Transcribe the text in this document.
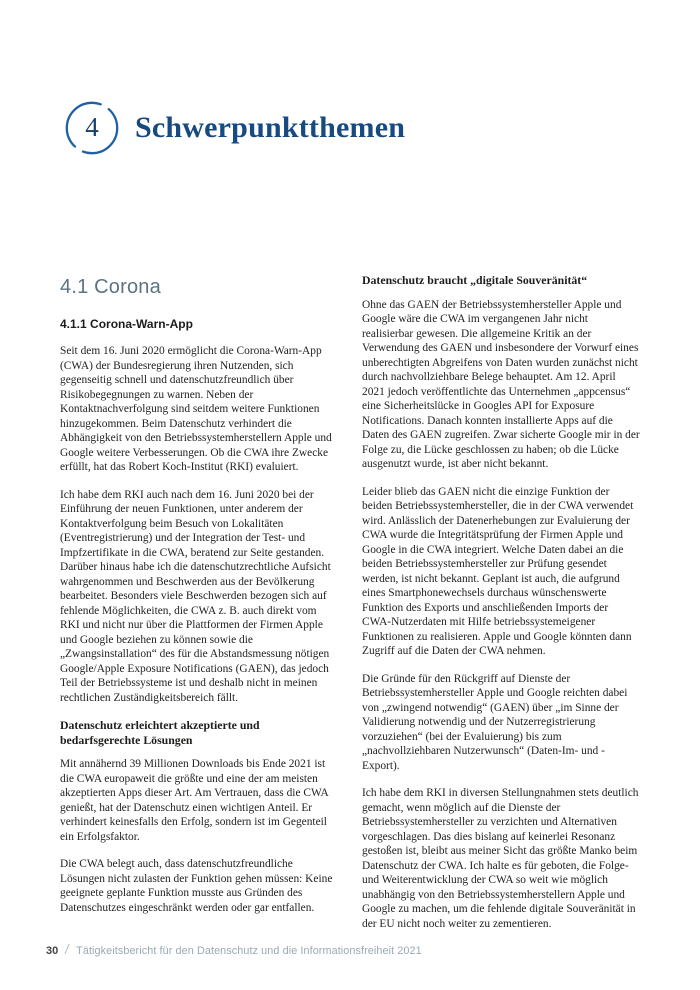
4	Schwerpunktthemen
4.1 Corona
4.1.1 Corona-Warn-App

Seit dem 16. Juni 2020 ermöglicht die Corona-Warn-App (CWA) der Bundesregierung ihren Nutzenden, sich gegenseitig schnell und datenschutzfreundlich über Risikobegegnungen zu warnen. Neben der Kontaktnachverfolgung sind seitdem weitere Funktionen hinzugekommen. Beim Datenschutz verhindert die Abhängigkeit von den Betriebssystemherstellern Apple und Google weitere Verbesserungen. Ob die CWA ihre Zwecke erfüllt, hat das Robert Koch-Institut (RKI) evaluiert.

Ich habe dem RKI auch nach dem 16. Juni 2020 bei der Einführung der neuen Funktionen, unter anderem der Kontaktverfolgung beim Besuch von Lokalitäten (Eventregistrierung) und der Integration der Test- und Impfzertifikate in die CWA, beratend zur Seite gestanden. Darüber hinaus habe ich die datenschutzrechtliche Aufsicht wahrgenommen und Beschwerden aus der Bevölkerung bearbeitet. Besonders viele Beschwerden bezogen sich auf fehlende Möglichkeiten, die CWA z. B. auch direkt vom RKI und nicht nur über die Plattformen der Firmen Apple und Google beziehen zu können sowie die „Zwangsinstallation“ des für die Abstandsmessung nötigen Google/Apple Exposure Notifications (GAEN), das jedoch Teil der Betriebssysteme ist und deshalb nicht in meinen rechtlichen Zuständigkeitsbereich fällt.

Datenschutz erleichtert akzeptierte und bedarfsgerechte Lösungen

Mit annähernd 39 Millionen Downloads bis Ende 2021 ist die CWA europaweit die größte und eine der am meisten akzeptierten Apps dieser Art. Am Vertrauen, dass die CWA genießt, hat der Datenschutz einen wichtigen Anteil. Er verhindert keinesfalls den Erfolg, sondern ist im Gegenteil ein Erfolgsfaktor.

Die CWA belegt auch, dass datenschutzfreundliche Lösungen nicht zulasten der Funktion gehen müssen: Keine geeignete geplante Funktion musste aus Gründen des Datenschutzes eingeschränkt werden oder gar entfallen.

Datenschutz braucht „digitale Souveränität“

Ohne das GAEN der Betriebssystemhersteller Apple und Google wäre die CWA im vergangenen Jahr nicht realisierbar gewesen. Die allgemeine Kritik an der Verwendung des GAEN und insbesondere der Vorwurf eines unberechtigten Abgreifens von Daten wurden zunächst nicht durch nachvollziehbare Belege behauptet. Am 12. April 2021 jedoch veröffentlichte das Unternehmen „appcensus“ eine Sicherheitslücke in Googles API for Exposure Notifications. Danach konnten installierte Apps auf die Daten des GAEN zugreifen. Zwar sicherte Google mir in der Folge zu, die Lücke geschlossen zu haben; ob die Lücke ausgenutzt wurde, ist aber nicht bekannt.

Leider blieb das GAEN nicht die einzige Funktion der beiden Betriebssystemhersteller, die in der CWA verwendet wird. Anlässlich der Datenerhebungen zur Evaluierung der CWA wurde die Integritätsprüfung der Firmen Apple und Google in die CWA integriert. Welche Daten dabei an die beiden Betriebssystemhersteller zur Prüfung gesendet werden, ist nicht bekannt. Geplant ist auch, die aufgrund eines Smartphonewechsels durchaus wünschenswerte Funktion des Exports und anschließenden Imports der CWA-Nutzerdaten mit Hilfe betriebssystemeigener Funktionen zu realisieren. Apple und Google könnten dann Zugriff auf die Daten der CWA nehmen.

Die Gründe für den Rückgriff auf Dienste der Betriebssystemhersteller Apple und Google reichten dabei von „zwingend notwendig“ (GAEN) über „im Sinne der Validierung notwendig und der Nutzerregistrierung vorzuziehen“ (bei der Evaluierung) bis zum „nachvollziehbaren Nutzerwunsch“ (Daten-Im- und -Export).

Ich habe dem RKI in diversen Stellungnahmen stets deutlich gemacht, wenn möglich auf die Dienste der Betriebssystemhersteller zu verzichten und Alternativen vorgeschlagen. Das dies bislang auf keinerlei Resonanz gestoßen ist, bleibt aus meiner Sicht das größte Manko beim Datenschutz der CWA. Ich halte es für geboten, die Folge- und Weiterentwicklung der CWA so weit wie möglich unabhängig von den Betriebssystemherstellern Apple und Google zu machen, um die fehlende digitale Souveränität in der EU nicht noch weiter zu zementieren.

30 / Tätigkeitsbericht für den Datenschutz und die Informationsfreiheit 2021
